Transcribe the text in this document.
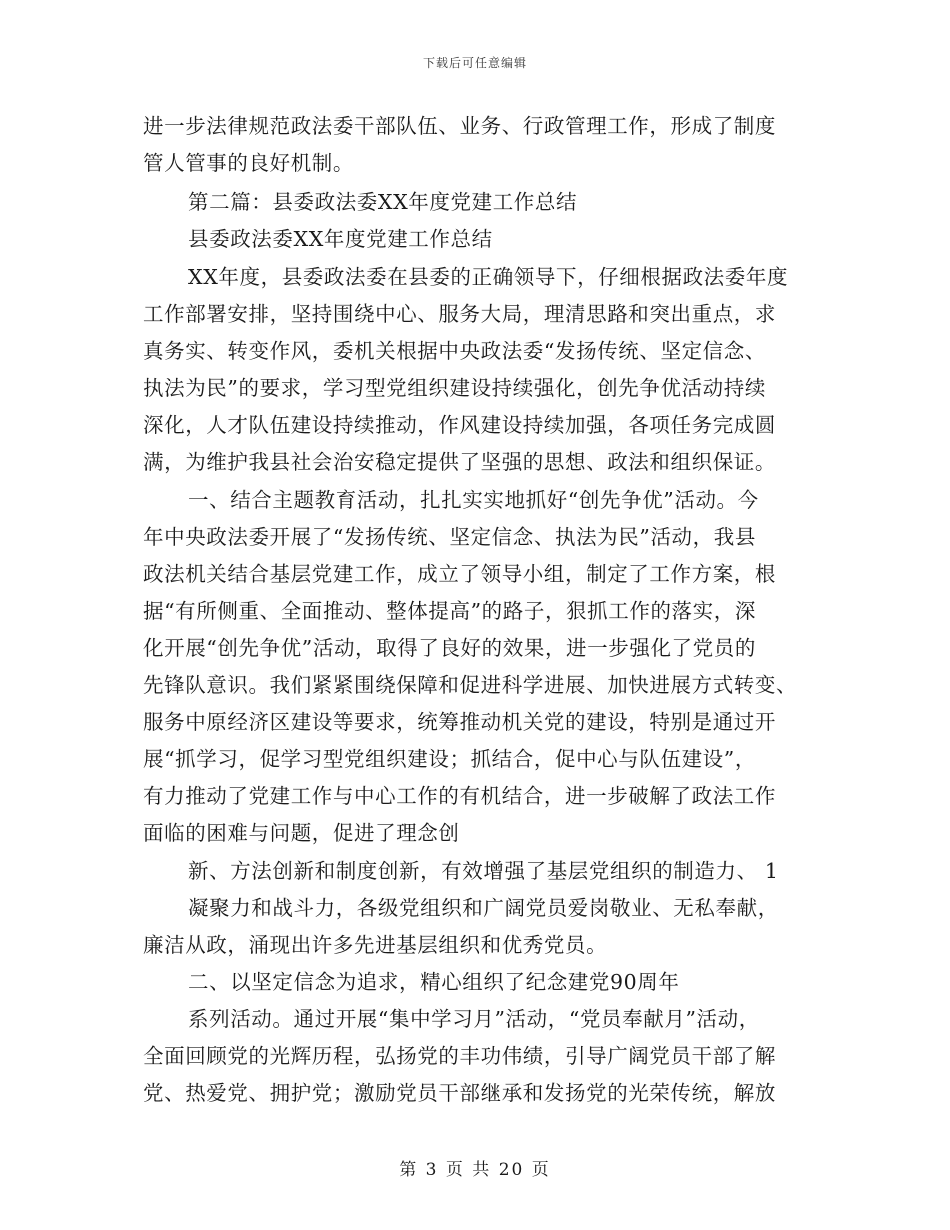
下载后可任意编辑
进一步法律规范政法委干部队伍、业务、行政管理工作，形成了制度
管人管事的良好机制。
第二篇：县委政法委XX年度党建工作总结
县委政法委XX年度党建工作总结
XX年度，县委政法委在县委的正确领导下，仔细根据政法委年度
工作部署安排，坚持围绕中心、服务大局，理清思路和突出重点，求
真务实、转变作风，委机关根据中央政法委“发扬传统、坚定信念、
执法为民”的要求，学习型党组织建设持续强化，创先争优活动持续
深化，人才队伍建设持续推动，作风建设持续加强，各项任务完成圆
满，为维护我县社会治安稳定提供了坚强的思想、政法和组织保证。
一、结合主题教育活动，扎扎实实地抓好“创先争优”活动。今
年中央政法委开展了“发扬传统、坚定信念、执法为民”活动，我县
政法机关结合基层党建工作，成立了领导小组，制定了工作方案，根
据“有所侧重、全面推动、整体提高”的路子，狠抓工作的落实，深
化开展“创先争优”活动，取得了良好的效果，进一步强化了党员的
先锋队意识。我们紧紧围绕保障和促进科学进展、加快进展方式转变、
服务中原经济区建设等要求，统筹推动机关党的建设，特别是通过开
展“抓学习，促学习型党组织建设；抓结合，促中心与队伍建设”，
有力推动了党建工作与中心工作的有机结合，进一步破解了政法工作
面临的困难与问题，促进了理念创
新、方法创新和制度创新，有效增强了基层党组织的制造力、 1
凝聚力和战斗力，各级党组织和广阔党员爱岗敬业、无私奉献，
廉洁从政，涌现出许多先进基层组织和优秀党员。
二、以坚定信念为追求，精心组织了纪念建党90周年
系列活动。通过开展“集中学习月”活动，“党员奉献月”活动，
全面回顾党的光辉历程，弘扬党的丰功伟绩，引导广阔党员干部了解
党、热爱党、拥护党；激励党员干部继承和发扬党的光荣传统，解放
第 3 页 共 20 页
